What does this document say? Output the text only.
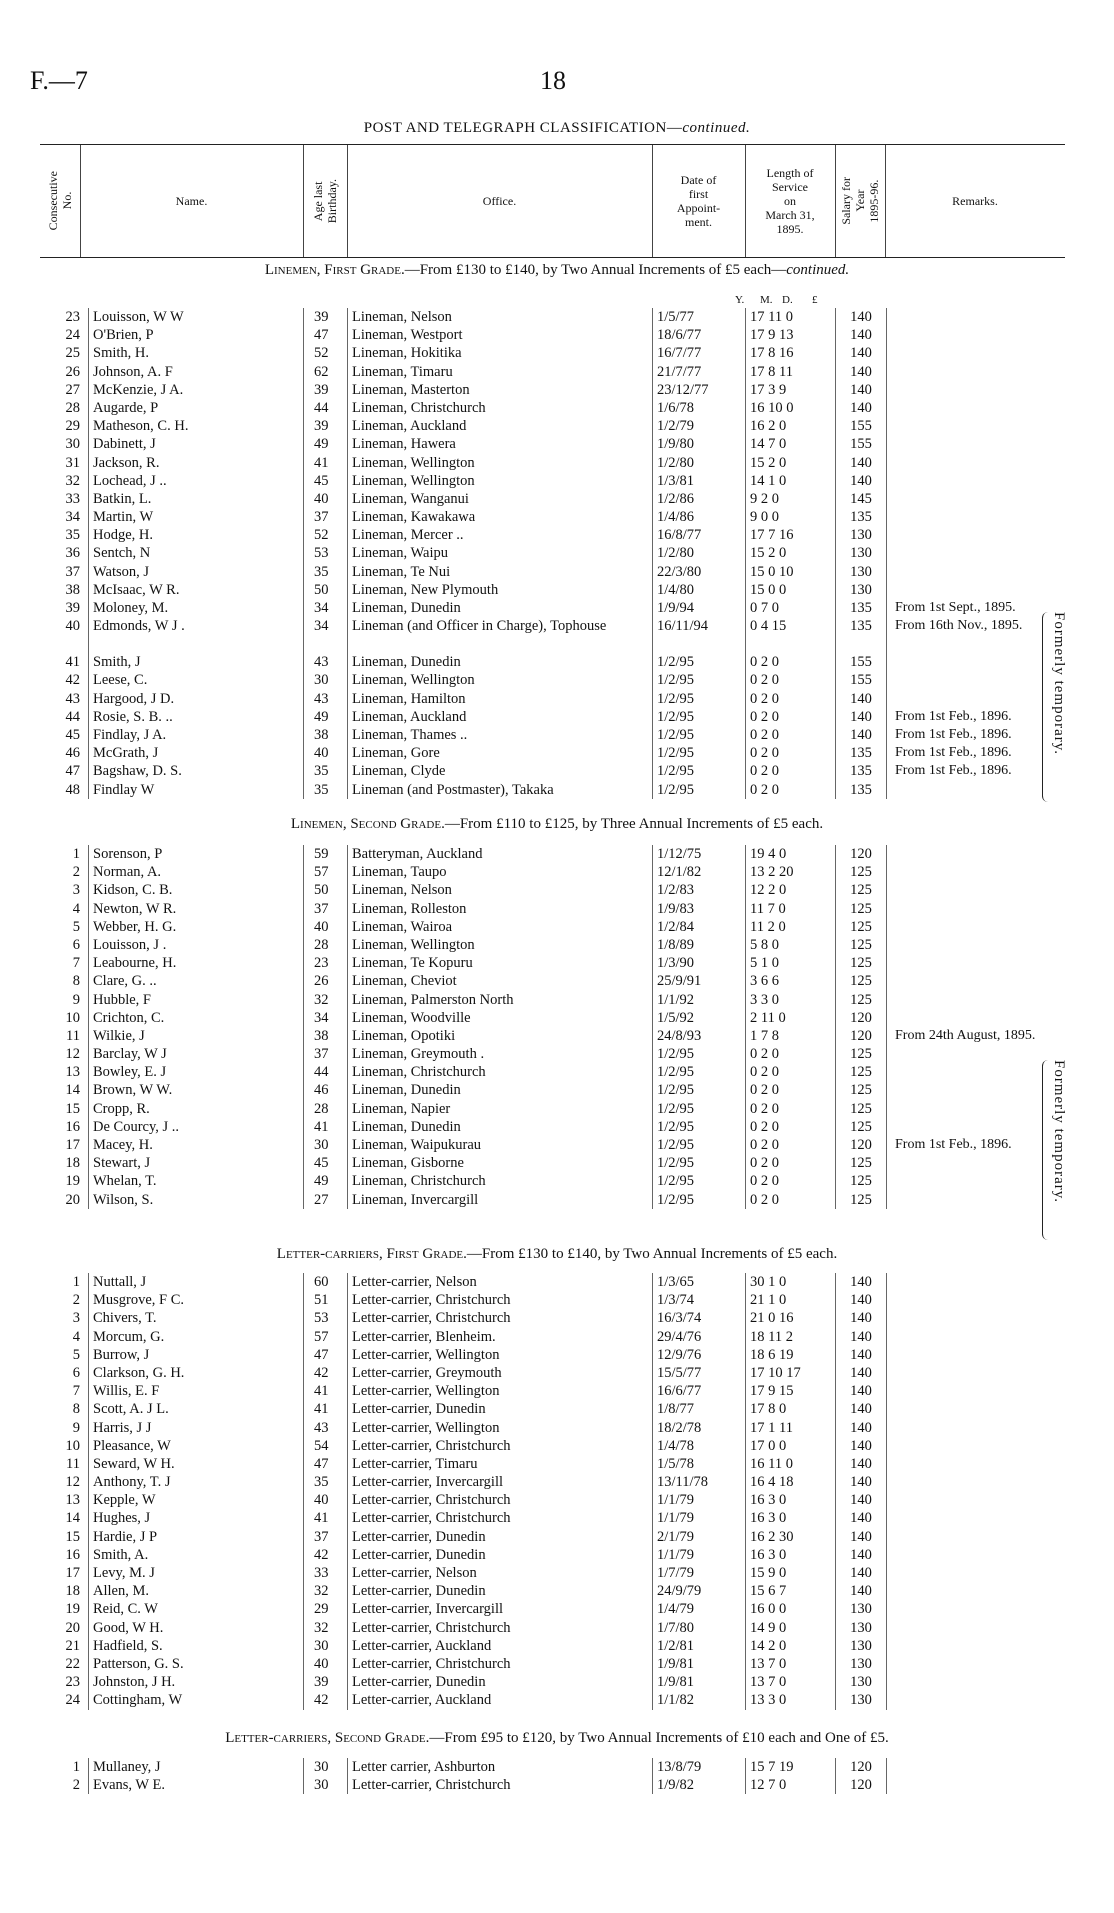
F.—7	18
POST AND TELEGRAPH CLASSIFICATION—continued.
Consecutive
No.	Name.	Age last
Birthday.	Office.
Date of
first
Appoint-
ment.
Length of
Service
on
March 31,
1895.
Salary for
Year
1895-96.	Remarks.
Linemen, First Grade.—From £130 to £140, by Two Annual Increments of £5 each—continued.
Y. M. D. £
23 Louisson, W W	39	Lineman, Nelson	1/5/77	17 11 0	140
24 O'Brien, P	47	Lineman, Westport	18/6/77	17 9 13	140
25 Smith, H.	52	Lineman, Hokitika	16/7/77	17 8 16	140
26 Johnson, A. F	62	Lineman, Timaru	21/7/77	17 8 11	140
27 McKenzie, J A.	39	Lineman, Masterton	23/12/77	17 3 9	140
28 Augarde, P	44	Lineman, Christchurch	1/6/78	16 10 0	140
29 Matheson, C. H.	39	Lineman, Auckland	1/2/79	16 2 0	155
30 Dabinett, J	49	Lineman, Hawera	1/9/80	14 7 0	155
31 Jackson, R.	41	Lineman, Wellington	1/2/80	15 2 0	140
32 Lochead, J ..	45	Lineman, Wellington	1/3/81	14 1 0	140
33 Batkin, L.	40	Lineman, Wanganui	1/2/86	9 2 0	145
34 Martin, W	37	Lineman, Kawakawa	1/4/86	9 0 0	135
35 Hodge, H.	52	Lineman, Mercer ..	16/8/77	17 7 16	130
36 Sentch, N	53	Lineman, Waipu	1/2/80	15 2 0	130
37 Watson, J	35	Lineman, Te Nui	22/3/80	15 0 10	130
38 McIsaac, W R.	50	Lineman, New Plymouth	1/4/80	15 0 0	130
39 Moloney, M.	34	Lineman, Dunedin	1/9/94	0 7 0	135	From 1st Sept., 1895.
40 Edmonds, W J .	34	Lineman (and Officer in Charge), Tophouse	16/11/94	0 4 15	135	From 16th Nov., 1895.
41 Smith, J	43	Lineman, Dunedin	1/2/95	0 2 0	155
42 Leese, C.	30	Lineman, Wellington	1/2/95	0 2 0	155
43 Hargood, J D.	43	Lineman, Hamilton	1/2/95	0 2 0	140
44 Rosie, S. B. ..	49	Lineman, Auckland	1/2/95	0 2 0	140	From 1st Feb., 1896.
45 Findlay, J A.	38	Lineman, Thames ..	1/2/95	0 2 0	140	From 1st Feb., 1896.
46 McGrath, J	40	Lineman, Gore	1/2/95	0 2 0	135	From 1st Feb., 1896.
47 Bagshaw, D. S.	35	Lineman, Clyde	1/2/95	0 2 0	135	From 1st Feb., 1896.
48 Findlay W	35	Lineman (and Postmaster), Takaka	1/2/95	0 2 0	135
Linemen, Second Grade.—From £110 to £125, by Three Annual Increments of £5 each.
1 Sorenson, P	59	Batteryman, Auckland	1/12/75	19 4 0	120
2 Norman, A.	57	Lineman, Taupo	12/1/82	13 2 20	125
3 Kidson, C. B.	50	Lineman, Nelson	1/2/83	12 2 0	125
4 Newton, W R.	37	Lineman, Rolleston	1/9/83	11 7 0	125
5 Webber, H. G.	40	Lineman, Wairoa	1/2/84	11 2 0	125
6 Louisson, J .	28	Lineman, Wellington	1/8/89	5 8 0	125
7 Leabourne, H.	23	Lineman, Te Kopuru	1/3/90	5 1 0	125
8 Clare, G. ..	26	Lineman, Cheviot	25/9/91	3 6 6	125
9 Hubble, F	32	Lineman, Palmerston North	1/1/92	3 3 0	125
10 Crichton, C.	34	Lineman, Woodville	1/5/92	2 11 0	120
11 Wilkie, J	38	Lineman, Opotiki	24/8/93	1 7 8	120	From 24th August, 1895.
12 Barclay, W J	37	Lineman, Greymouth .	1/2/95	0 2 0	125
13 Bowley, E. J	44	Lineman, Christchurch	1/2/95	0 2 0	125
14 Brown, W W.	46	Lineman, Dunedin	1/2/95	0 2 0	125
15 Cropp, R.	28	Lineman, Napier	1/2/95	0 2 0	125
16 De Courcy, J ..	41	Lineman, Dunedin	1/2/95	0 2 0	125
17 Macey, H.	30	Lineman, Waipukurau	1/2/95	0 2 0	120	From 1st Feb., 1896.
18 Stewart, J	45	Lineman, Gisborne	1/2/95	0 2 0	125
19 Whelan, T.	49	Lineman, Christchurch	1/2/95	0 2 0	125
20 Wilson, S.	27	Lineman, Invercargill	1/2/95	0 2 0	125
Letter-carriers, First Grade.—From £130 to £140, by Two Annual Increments of £5 each.
1 Nuttall, J	60	Letter-carrier, Nelson	1/3/65	30 1 0	140
2 Musgrove, F C.	51	Letter-carrier, Christchurch	1/3/74	21 1 0	140
3 Chivers, T.	53	Letter-carrier, Christchurch	16/3/74	21 0 16	140
4 Morcum, G.	57	Letter-carrier, Blenheim.	29/4/76	18 11 2	140
5 Burrow, J	47	Letter-carrier, Wellington	12/9/76	18 6 19	140
6 Clarkson, G. H.	42	Letter-carrier, Greymouth	15/5/77	17 10 17	140
7 Willis, E. F	41	Letter-carrier, Wellington	16/6/77	17 9 15	140
8 Scott, A. J L.	41	Letter-carrier, Dunedin	1/8/77	17 8 0	140
9 Harris, J J	43	Letter-carrier, Wellington	18/2/78	17 1 11	140
10 Pleasance, W	54	Letter-carrier, Christchurch	1/4/78	17 0 0	140
11 Seward, W H.	47	Letter-carrier, Timaru	1/5/78	16 11 0	140
12 Anthony, T. J	35	Letter-carrier, Invercargill	13/11/78	16 4 18	140
13 Kepple, W	40	Letter-carrier, Christchurch	1/1/79	16 3 0	140
14 Hughes, J	41	Letter-carrier, Christchurch	1/1/79	16 3 0	140
15 Hardie, J P	37	Letter-carrier, Dunedin	2/1/79	16 2 30	140
16 Smith, A.	42	Letter-carrier, Dunedin	1/1/79	16 3 0	140
17 Levy, M. J	33	Letter-carrier, Nelson	1/7/79	15 9 0	140
18 Allen, M.	32	Letter-carrier, Dunedin	24/9/79	15 6 7	140
19 Reid, C. W	29	Letter-carrier, Invercargill	1/4/79	16 0 0	130
20 Good, W H.	32	Letter-carrier, Christchurch	1/7/80	14 9 0	130
21 Hadfield, S.	30	Letter-carrier, Auckland	1/2/81	14 2 0	130
22 Patterson, G. S.	40	Letter-carrier, Christchurch	1/9/81	13 7 0	130
23 Johnston, J H.	39	Letter-carrier, Dunedin	1/9/81	13 7 0	130
24 Cottingham, W	42	Letter-carrier, Auckland	1/1/82	13 3 0	130
Letter-carriers, Second Grade.—From £95 to £120, by Two Annual Increments of £10 each and One of £5.
1 Mullaney, J	30	Letter carrier, Ashburton	13/8/79	15 7 19	120
2 Evans, W E.	30	Letter-carrier, Christchurch	1/9/82	12 7 0	120
Formerly temporary.
Formerly temporary.
